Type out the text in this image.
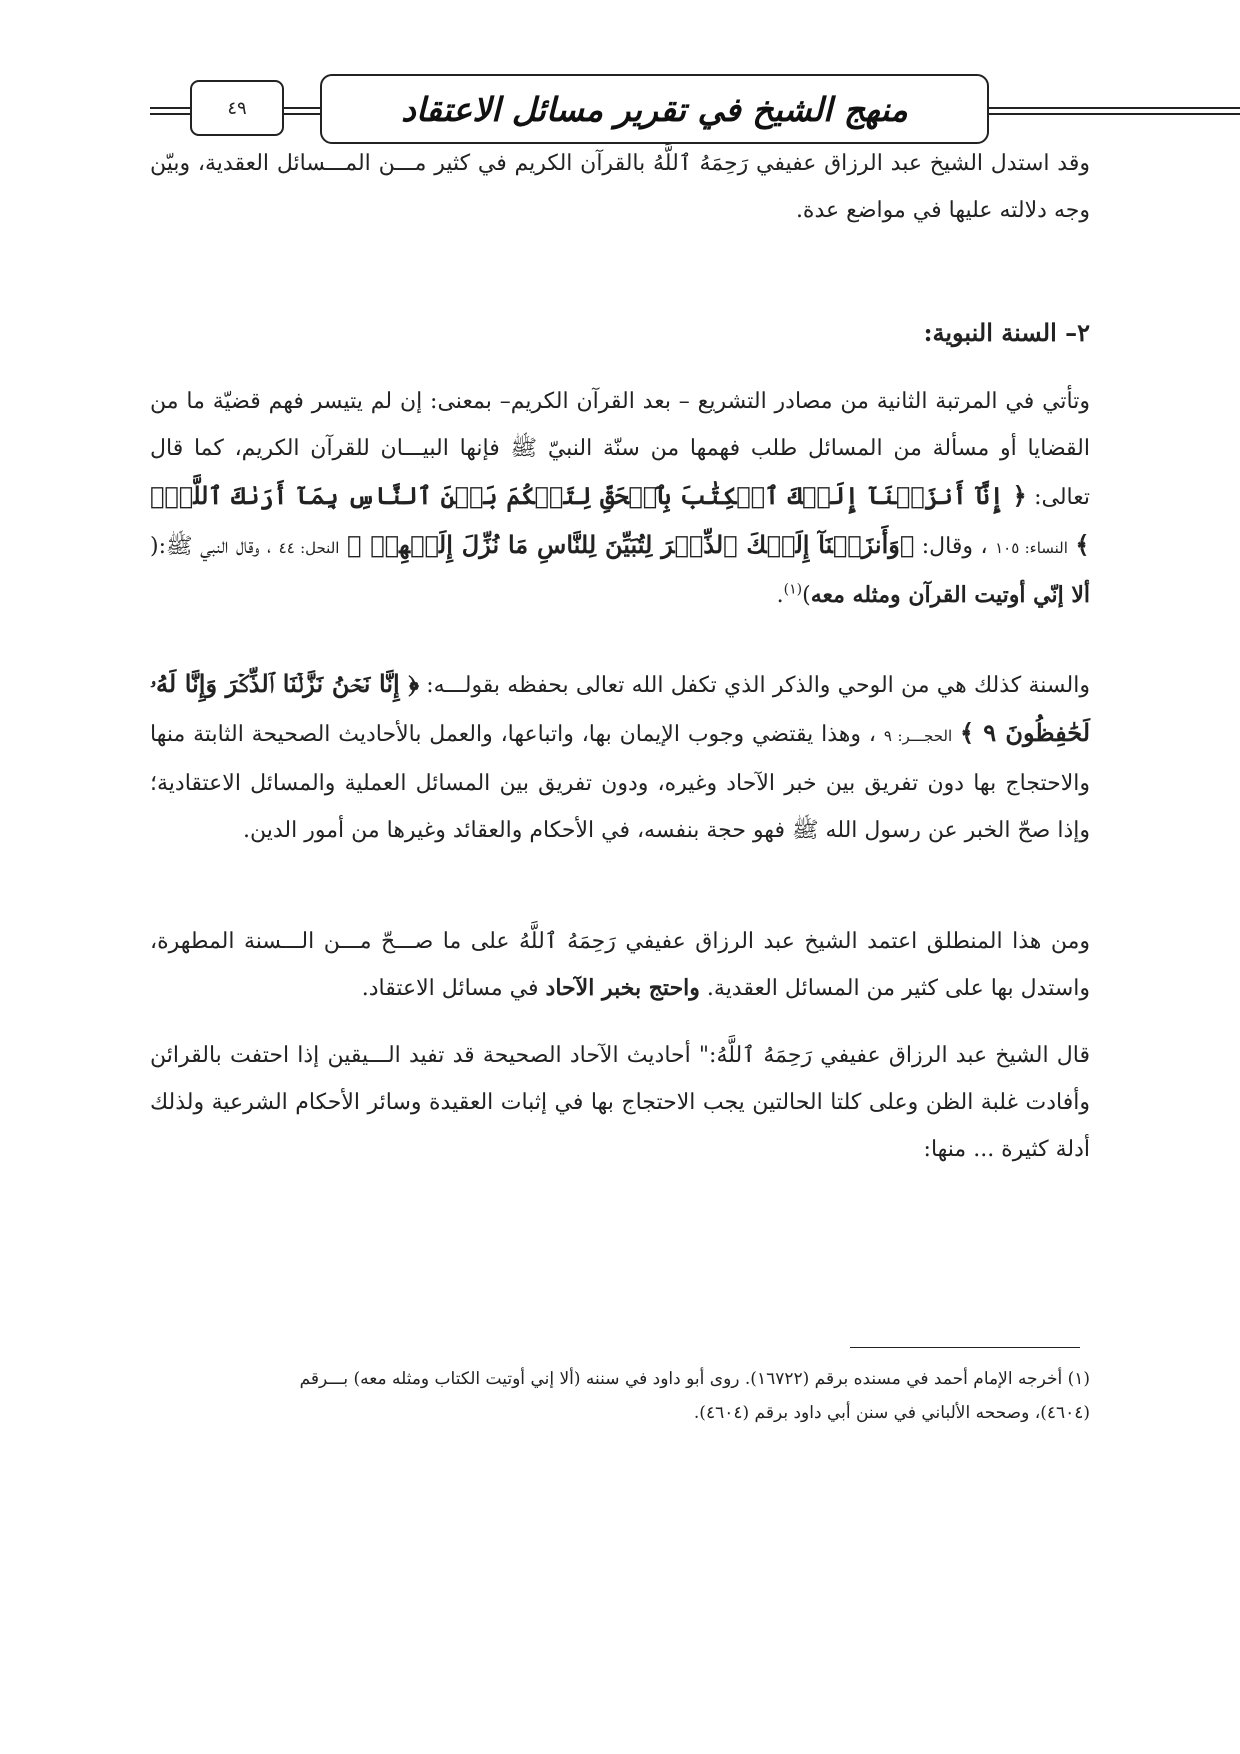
منهج الشيخ في تقرير مسائل الاعتقاد
٤٩

وقد استدل الشيخ عبد الرزاق عفيفي رَحِمَهُ ٱللَّهُ بالقرآن الكريم في كثير مـــن المـــسائل العقدية، وبيّن وجه دلالته عليها في مواضع عدة.

٢– السنة النبوية:

وتأتي في المرتبة الثانية من مصادر التشريع – بعد القرآن الكريم– بمعنى: إن لم يتيسر فهم قضيّة ما من القضايا أو مسألة من المسائل طلب فهمها من سنّة النبيّ ﷺ فإنها البيـــان للقرآن الكريم، كما قال تعالى: ﴿ إِنَّآ أَنزَلۡنَآ إِلَيۡكَ ٱلۡكِتَٰبَ بِٱلۡحَقِّ لِتَحۡكُمَ بَيۡنَ ٱلنَّاسِ بِمَآ أَرَىٰكَ ٱللَّهُۚ ﴾ النساء: ١٠٥ ، وقال: ﴿وَأَنزَلۡنَآ إِلَيۡكَ ٱلذِّكۡرَ لِتُبَيِّنَ لِلنَّاسِ مَا نُزِّلَ إِلَيۡهِمۡ ﴾ النحل: ٤٤ ، وقال النبي ﷺ:( ألا إنّي أوتيت القرآن ومثله معه)$^{(١)}$.

والسنة كذلك هي من الوحي والذكر الذي تكفل الله تعالى بحفظه بقولـــه: ﴿ إِنَّا نَحۡنُ نَزَّلۡنَا ٱلذِّكۡرَ وَإِنَّا لَهُۥ لَحَٰفِظُونَ ٩ ﴾ الحجـــر: ٩ ، وهذا يقتضي وجوب الإيمان بها، واتباعها، والعمل بالأحاديث الصحيحة الثابتة منها والاحتجاج بها دون تفريق بين خبر الآحاد وغيره، ودون تفريق بين المسائل العملية والمسائل الاعتقادية؛ وإذا صحّ الخبر عن رسول الله ﷺ فهو حجة بنفسه، في الأحكام والعقائد وغيرها من أمور الدين.

ومن هذا المنطلق اعتمد الشيخ عبد الرزاق عفيفي رَحِمَهُ ٱللَّهُ على ما صـــحّ مـــن الـــسنة المطهرة، واستدل بها على كثير من المسائل العقدية. واحتج بخبر الآحاد في مسائل الاعتقاد.

قال الشيخ عبد الرزاق عفيفي رَحِمَهُ ٱللَّهُ:" أحاديث الآحاد الصحيحة قد تفيد الـــيقين إذا احتفت بالقرائن وأفادت غلبة الظن وعلى كلتا الحالتين يجب الاحتجاج بها في إثبات العقيدة وسائر الأحكام الشرعية ولذلك أدلة كثيرة ... منها:

(١) أخرجه الإمام أحمد في مسنده برقم (١٦٧٢٢). روى أبو داود في سننه (ألا إني أوتيت الكتاب ومثله معه) بـــرقم
(٤٦٠٤)، وصححه الألباني في سنن أبي داود برقم (٤٦٠٤).
